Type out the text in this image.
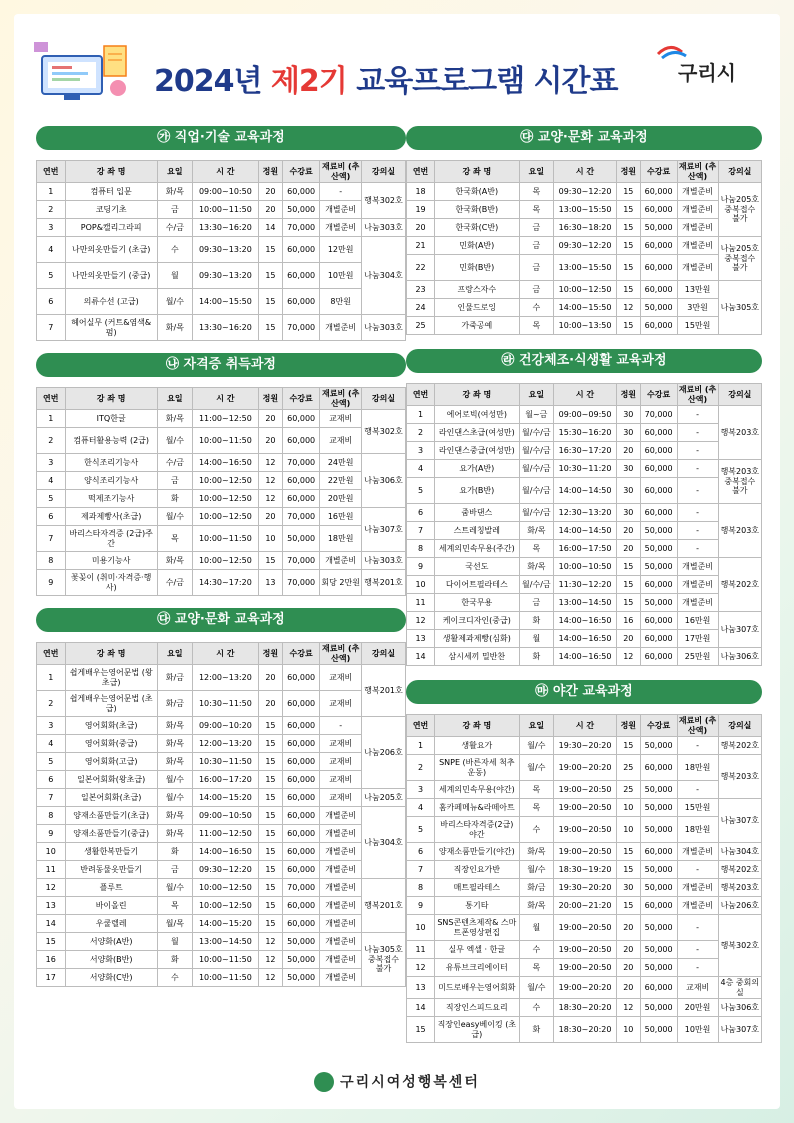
2024년 제2기 교육프로그램 시간표	구리시
㉮ 직업·기술 교육과정
연번	강 좌 명	요일	시 간	정원	수강료	재료비 (추산액)	강의실
1	컴퓨터 입문	화/목	09:00~10:50	20	60,000	-	행복302호
2	코딩기초	금	10:00~11:50	20	50,000	개별준비	
3	POP&캘리그라피	수/금	13:30~16:20	14	70,000	개별준비	나눔303호
4	나만의옷만들기 (초급)	수	09:30~13:20	15	60,000	12만원	나눔304호
5	나만의옷만들기 (중급)	월	09:30~13:20	15	60,000	10만원	
6	의류수선 (고급)	월/수	14:00~15:50	15	60,000	8만원	
7	헤어실무 (커트&염색&펌)	화/목	13:30~16:20	15	70,000	개별준비	나눔303호
㉯ 자격증 취득과정
연번	강 좌 명	요일	시 간	정원	수강료	재료비 (추산액)	강의실

1	ITQ한글	화/목	11:00~12:50	20	60,000	교재비	행복302호
2	컴퓨터활용능력 (2급)	월/수	10:00~11:50	20	60,000	교재비	
3	한식조리기능사	수/금	14:00~16:50	12	70,000	24만원	나눔306호

4	양식조리기능사	금	10:00~12:50	12	60,000	22만원	
5	떡제조기능사	화	10:00~12:50	12	60,000	20만원	
6	제과제빵사(초급)	월/수	10:00~12:50	20	70,000	16만원	나눔307호
7	바리스타자격증 (2급)주간	목	10:00~11:50	10	50,000	18만원	
8	미용기능사	화/목	10:00~12:50	15	70,000	개별준비	나눔303호
9	꽃꽂이 (취미·자격증·행사)	수/금	14:30~17:20	13	70,000	회당 2만원	행복201호
㉰ 교양·문화 교육과정
연번	강 좌 명	요일	시 간	정원	수강료	재료비 (추산액)	강의실
1	쉽게배우는영어문법 (왕초급)	화/금	12:00~13:20	20	60,000	교재비	행복201호
2	쉽게배우는영어문법 (초급)	화/금	10:30~11:50	20	60,000	교재비	
3	영어회화(초급)	화/목	09:00~10:20	15	60,000	-	나눔206호
4	영어회화(중급)	화/목	12:00~13:20	15	60,000	교재비	
5	영어회화(고급)	화/목	10:30~11:50	15	60,000	교재비	
6	일본어회화(왕초급)	월/수	16:00~17:20	15	60,000	교재비	
7	일본어회화(초급)	월/수	14:00~15:20	15	60,000	교재비	나눔205호
8	양재소품만들기(초급)	화/목	09:00~10:50	15	60,000	개별준비	나눔304호
9	양재소품만들기(중급)	화/목	11:00~12:50	15	60,000	개별준비	
10	생활한복만들기	화	14:00~16:50	15	60,000	개별준비	
11	반려동물옷만들기	금	09:30~12:20	15	60,000	개별준비	
12	플루트	월/수	10:00~12:50	15	70,000	개별준비	행복201호
13	바이올린	목	10:00~12:50	15	60,000	개별준비	
14	우쿨렐레	월/목	14:00~15:20	15	60,000	개별준비	
15	서양화(A반)	월	13:00~14:50	12	50,000	개별준비	나눔305호 중복접수 불가
16	서양화(B반)	화	10:00~11:50	12	50,000	개별준비	
17	서양화(C반)	수	10:00~11:50	12	50,000	개별준비	
㉰ 교양·문화 교육과정
연번	강 좌 명	요일	시 간	정원	수강료	재료비 (추산액)	강의실
18	한국화(A반)	목	09:30~12:20	15	60,000	개별준비	나눔205호 중복접수 불가
19	한국화(B반)	목	13:00~15:50	15	60,000	개별준비	

20	한국화(C반)	금	16:30~18:20	15	50,000	개별준비	
21	민화(A반)	금	09:30~12:20	15	60,000	개별준비	나눔205호 중복접수 불가
22	민화(B반)	금	13:00~15:50	15	60,000	개별준비	
23	프랑스자수	금	10:00~12:50	15	60,000	13만원	나눔305호
24	인물드로잉	수	14:00~15:50	12	50,000	3만원	
25	가죽공예	목	10:00~13:50	15	60,000	15만원	
㉱ 건강체조·식생활 교육과정
연번	강 좌 명	요일	시 간	정원	수강료	재료비 (추산액)	강의실
1	에어로빅(여성만)	월~금	09:00~09:50	30	70,000	-	행복203호
2	라인댄스초급(여성만)	월/수/금	15:30~16:20	30	60,000	-	
3	라인댄스중급(여성만)	월/수/금	16:30~17:20	20	60,000	-	
4	요가(A반)	월/수/금	10:30~11:20	30	60,000	-	행복203호 중복접수 불가
5	요가(B반)	월/수/금	14:00~14:50	30	60,000	-	
6	줌바댄스	월/수/금	12:30~13:20	30	60,000	-	행복203호
7	스트레칭발레	화/목	14:00~14:50	20	50,000	-	
8	세계의민속무용(주간)	목	16:00~17:50	20	50,000	-	
9	국선도	화/목	10:00~10:50	15	50,000	개별준비	행복202호
10	다이어트필라테스	월/수/금	11:30~12:20	15	60,000	개별준비	
11	한국무용	금	13:00~14:50	15	50,000	개별준비	
12	케이크디자인(중급)	화	14:00~16:50	16	60,000	16만원	나눔307호
13	생활제과제빵(심화)	월	14:00~16:50	20	60,000	17만원	
14	삼시세끼 밀반찬	화	14:00~16:50	12	60,000	25만원	나눔306호
㉲ 야간 교육과정
연번	강 좌 명	요일	시 간	정원	수강료	재료비 (추산액)	강의실
1	생활요가	월/수	19:30~20:20	15	50,000	-	행복202호
2	SNPE (바른자세 척추운동)	월/수	19:00~20:20	25	60,000	18만원	행복203호
3	세계의민속무용(야간)	목	19:00~20:50	25	50,000	-	
4	홈카페메뉴&라떼아트	목	19:00~20:50	10	50,000	15만원	나눔307호
5	바리스타자격증(2급) 야간	수	19:00~20:50	10	50,000	18만원	
6	양재소품만들기(야간)	화/목	19:00~20:50	15	60,000	개별준비	나눔304호
7	직장인요가반	월/수	18:30~19:20	15	50,000	-	행복202호
8	매트필라테스	화/금	19:30~20:20	30	50,000	개별준비	행복203호
9	통기타	화/목	20:00~21:20	15	60,000	개별준비	나눔206호
10	SNS콘텐츠제작& 스마트폰영상편집	월	19:00~20:50	20	50,000	-	행복302호
11	실무 엑셀 · 한글	수	19:00~20:50	20	50,000	-	
12	유튜브크리에이터	목	19:00~20:50	20	50,000	-	
13	미드로배우는영어회화	월/수	19:00~20:20	20	60,000	교재비	4층 중회의실
14	직장인스피드요리	수	18:30~20:20	12	50,000	20만원	나눔306호
15	직장인easy베이킹 (초급)	화	18:30~20:20	10	50,000	10만원	나눔307호
구리시여성행복센터
